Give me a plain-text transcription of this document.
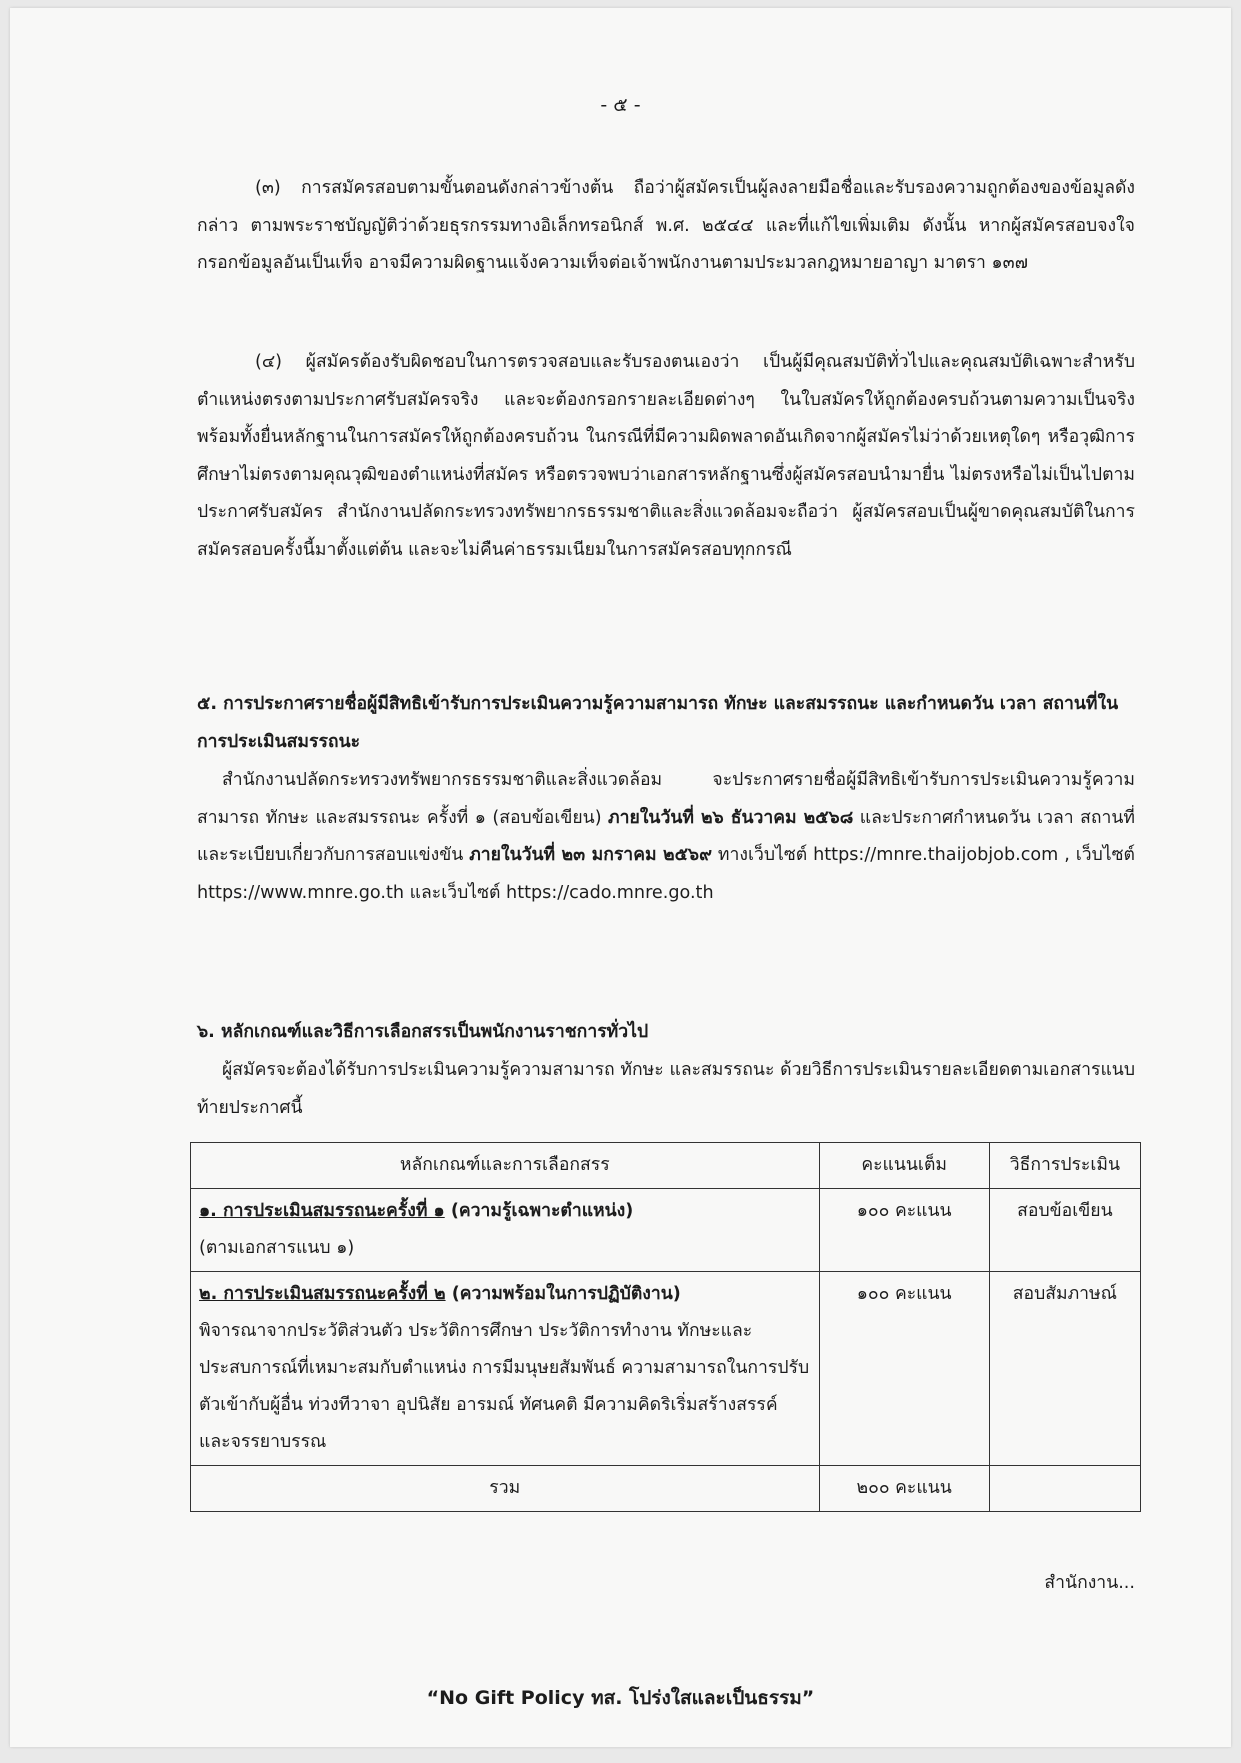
- ๕ -

(๓) การสมัครสอบตามขั้นตอนดังกล่าวข้างต้น ถือว่าผู้สมัครเป็นผู้ลงลายมือชื่อและรับรองความถูกต้องของข้อมูลดังกล่าว ตามพระราชบัญญัติว่าด้วยธุรกรรมทางอิเล็กทรอนิกส์ พ.ศ. ๒๕๔๔ และที่แก้ไขเพิ่มเติม ดังนั้น หากผู้สมัครสอบจงใจกรอกข้อมูลอันเป็นเท็จ อาจมีความผิดฐานแจ้งความเท็จต่อเจ้าพนักงานตามประมวลกฎหมายอาญา มาตรา ๑๓๗

(๔) ผู้สมัครต้องรับผิดชอบในการตรวจสอบและรับรองตนเองว่า เป็นผู้มีคุณสมบัติทั่วไปและคุณสมบัติเฉพาะสำหรับตำแหน่งตรงตามประกาศรับสมัครจริง และจะต้องกรอกรายละเอียดต่างๆ ในใบสมัครให้ถูกต้องครบถ้วนตามความเป็นจริง พร้อมทั้งยื่นหลักฐานในการสมัครให้ถูกต้องครบถ้วน ในกรณีที่มีความผิดพลาดอันเกิดจากผู้สมัครไม่ว่าด้วยเหตุใดๆ หรือวุฒิการศึกษาไม่ตรงตามคุณวุฒิของตำแหน่งที่สมัคร หรือตรวจพบว่าเอกสารหลักฐานซึ่งผู้สมัครสอบนำมายื่น ไม่ตรงหรือไม่เป็นไปตามประกาศรับสมัคร สำนักงานปลัดกระทรวงทรัพยากรธรรมชาติและสิ่งแวดล้อมจะถือว่า ผู้สมัครสอบเป็นผู้ขาดคุณสมบัติในการสมัครสอบครั้งนี้มาตั้งแต่ต้น และจะไม่คืนค่าธรรมเนียมในการสมัครสอบทุกกรณี

๕. การประกาศรายชื่อผู้มีสิทธิเข้ารับการประเมินความรู้ความสามารถ ทักษะ และสมรรถนะ และกำหนดวัน เวลา สถานที่ในการประเมินสมรรถนะ

สำนักงานปลัดกระทรวงทรัพยากรธรรมชาติและสิ่งแวดล้อม จะประกาศรายชื่อผู้มีสิทธิเข้ารับการประเมินความรู้ความสามารถ ทักษะ และสมรรถนะ ครั้งที่ ๑ (สอบข้อเขียน) ภายในวันที่ ๒๖ ธันวาคม ๒๕๖๘ และประกาศกำหนดวัน เวลา สถานที่ และระเบียบเกี่ยวกับการสอบแข่งขัน ภายในวันที่ ๒๓ มกราคม ๒๕๖๙ ทางเว็บไซต์ https://mnre.thaijobjob.com , เว็บไซต์ https://www.mnre.go.th และเว็บไซต์ https://cado.mnre.go.th

๖. หลักเกณฑ์และวิธีการเลือกสรรเป็นพนักงานราชการทั่วไป

ผู้สมัครจะต้องได้รับการประเมินความรู้ความสามารถ ทักษะ และสมรรถนะ ด้วยวิธีการประเมินรายละเอียดตามเอกสารแนบท้ายประกาศนี้

หลักเกณฑ์และการเลือกสรร	คะแนนเต็ม	วิธีการประเมิน
๑. การประเมินสมรรถนะครั้งที่ ๑ (ความรู้เฉพาะตำแหน่ง)
(ตามเอกสารแนบ ๑)	๑๐๐ คะแนน	สอบข้อเขียน
๒. การประเมินสมรรถนะครั้งที่ ๒ (ความพร้อมในการปฏิบัติงาน)
พิจารณาจากประวัติส่วนตัว ประวัติการศึกษา ประวัติการทำงาน ทักษะและประสบการณ์ที่เหมาะสมกับตำแหน่ง การมีมนุษยสัมพันธ์ ความสามารถในการปรับตัวเข้ากับผู้อื่น ท่วงทีวาจา อุปนิสัย อารมณ์ ทัศนคติ มีความคิดริเริ่มสร้างสรรค์ และจรรยาบรรณ	๑๐๐ คะแนน	สอบสัมภาษณ์
รวม	๒๐๐ คะแนน	
สำนักงาน...
“No Gift Policy ทส. โปร่งใสและเป็นธรรม”
